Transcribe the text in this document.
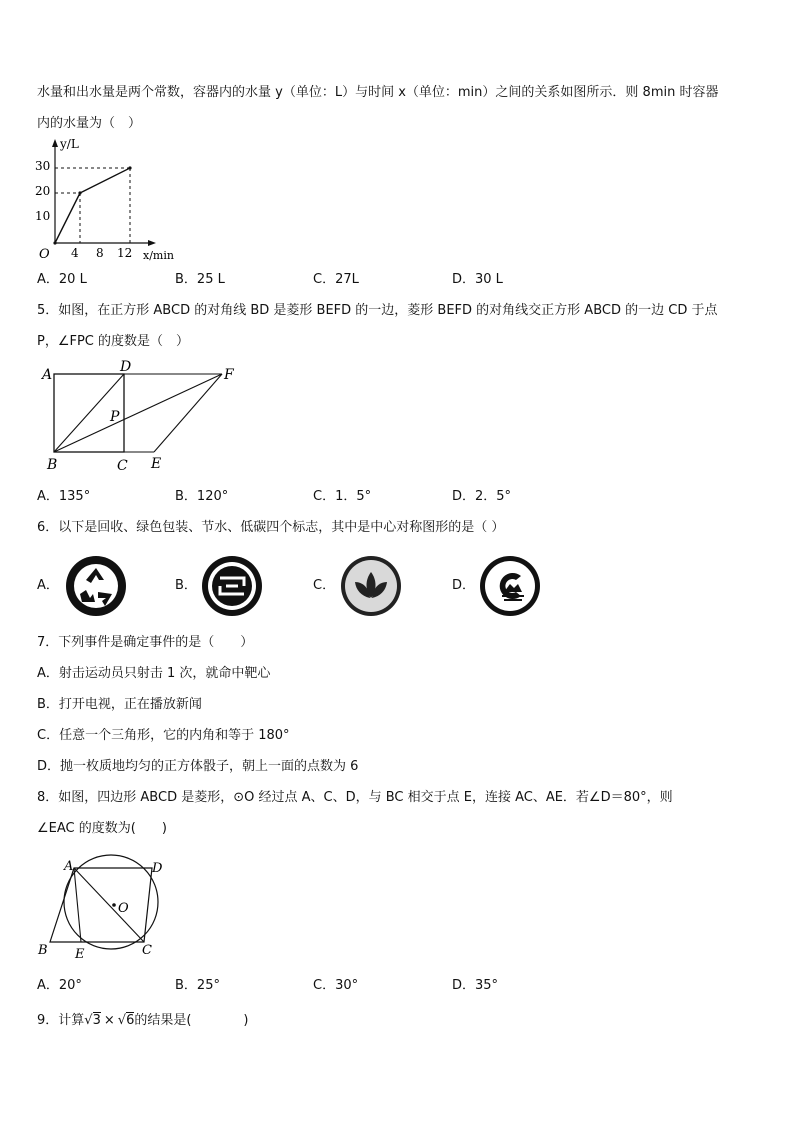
水量和出水量是两个常数，容器内的水量 y（单位：L）与时间 x（单位：min）之间的关系如图所示．则 8min 时容器
内的水量为（　）
y/L
x/min
O
30
20
10
4 8 12
A．20 L	B．25 L	C．27L	D．30 L
5．如图，在正方形 ABCD 的对角线 BD 是菱形 BEFD 的一边，菱形 BEFD 的对角线交正方形 ABCD 的一边 CD 于点
P，∠FPC 的度数是（　）
A	D	F
P
B	C E
A．135°	B．120°	C．1．5°	D．2．5°
6．以下是回收、绿色包装、节水、低碳四个标志，其中是中心对称图形的是（ ）
A．	B．	C．	D．
7．下列事件是确定事件的是（　　）
A．射击运动员只射击 1 次，就命中靶心
B．打开电视，正在播放新闻
C．任意一个三角形，它的内角和等于 180°
D．抛一枚质地均匀的正方体骰子，朝上一面的点数为 6
8．如图，四边形 ABCD 是菱形，⊙O 经过点 A、C、D，与 BC 相交于点 E，连接 AC、AE．若∠D＝80°，则
∠EAC 的度数为(　　)
A	D
O
B E	C
A．20°	B．25°	C．30°	D．35°
9．计算√3 × √6的结果是(　　　　)
